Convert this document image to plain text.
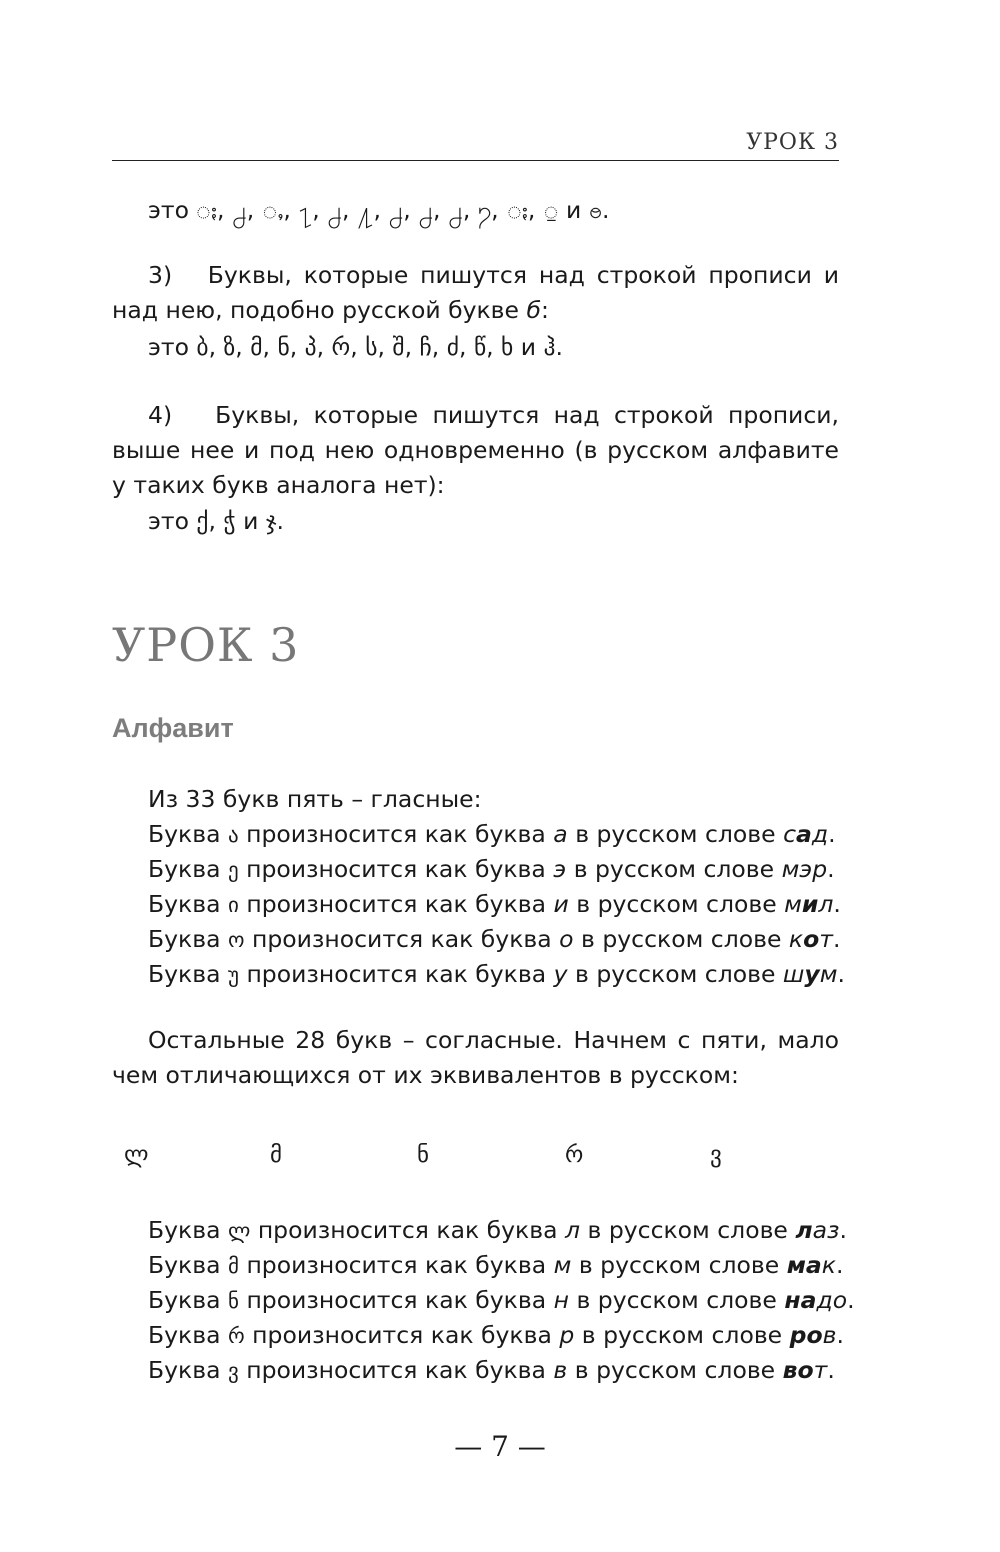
УРОК 3
это ႏ, ႕, ႇ, ႑, ႕, ႔, ႕, ႕, ႕, ႒, ႏ, ႍ и ႎ.

3)   Буквы, которые пишутся над строкой прописи и над нею, подобно русской букве б:

это ბ, ზ, მ, ნ, პ, რ, ს, შ, ჩ, ძ, წ, ხ и ჰ.

4)   Буквы, которые пишутся над строкой прописи, выше нее и под нею одновременно (в русском алфавите у таких букв аналога нет):

это ქ, ჭ и ჯ.
УРОК 3
Алфавит
Из 33 букв пять – гласные:
Буква ა произносится как буква а в русском слове сад.
Буква ე произносится как буква э в русском слове мэр.
Буква ი произносится как буква и в русском слове мил.
Буква ო произносится как буква о в русском слове кот.
Буква უ произносится как буква у в русском слове шум.

Остальные 28 букв – согласные. Начнем с пяти, мало чем отличающихся от их эквивалентов в русском:

ლ	მ	ნ	რ	ვ
Буква ლ произносится как буква л в русском слове лаз.
Буква მ произносится как буква м в русском слове мак.
Буква ნ произносится как буква н в русском слове надо.
Буква რ произносится как буква р в русском слове ров.
Буква ვ произносится как буква в в русском слове вот.
— 7 —
